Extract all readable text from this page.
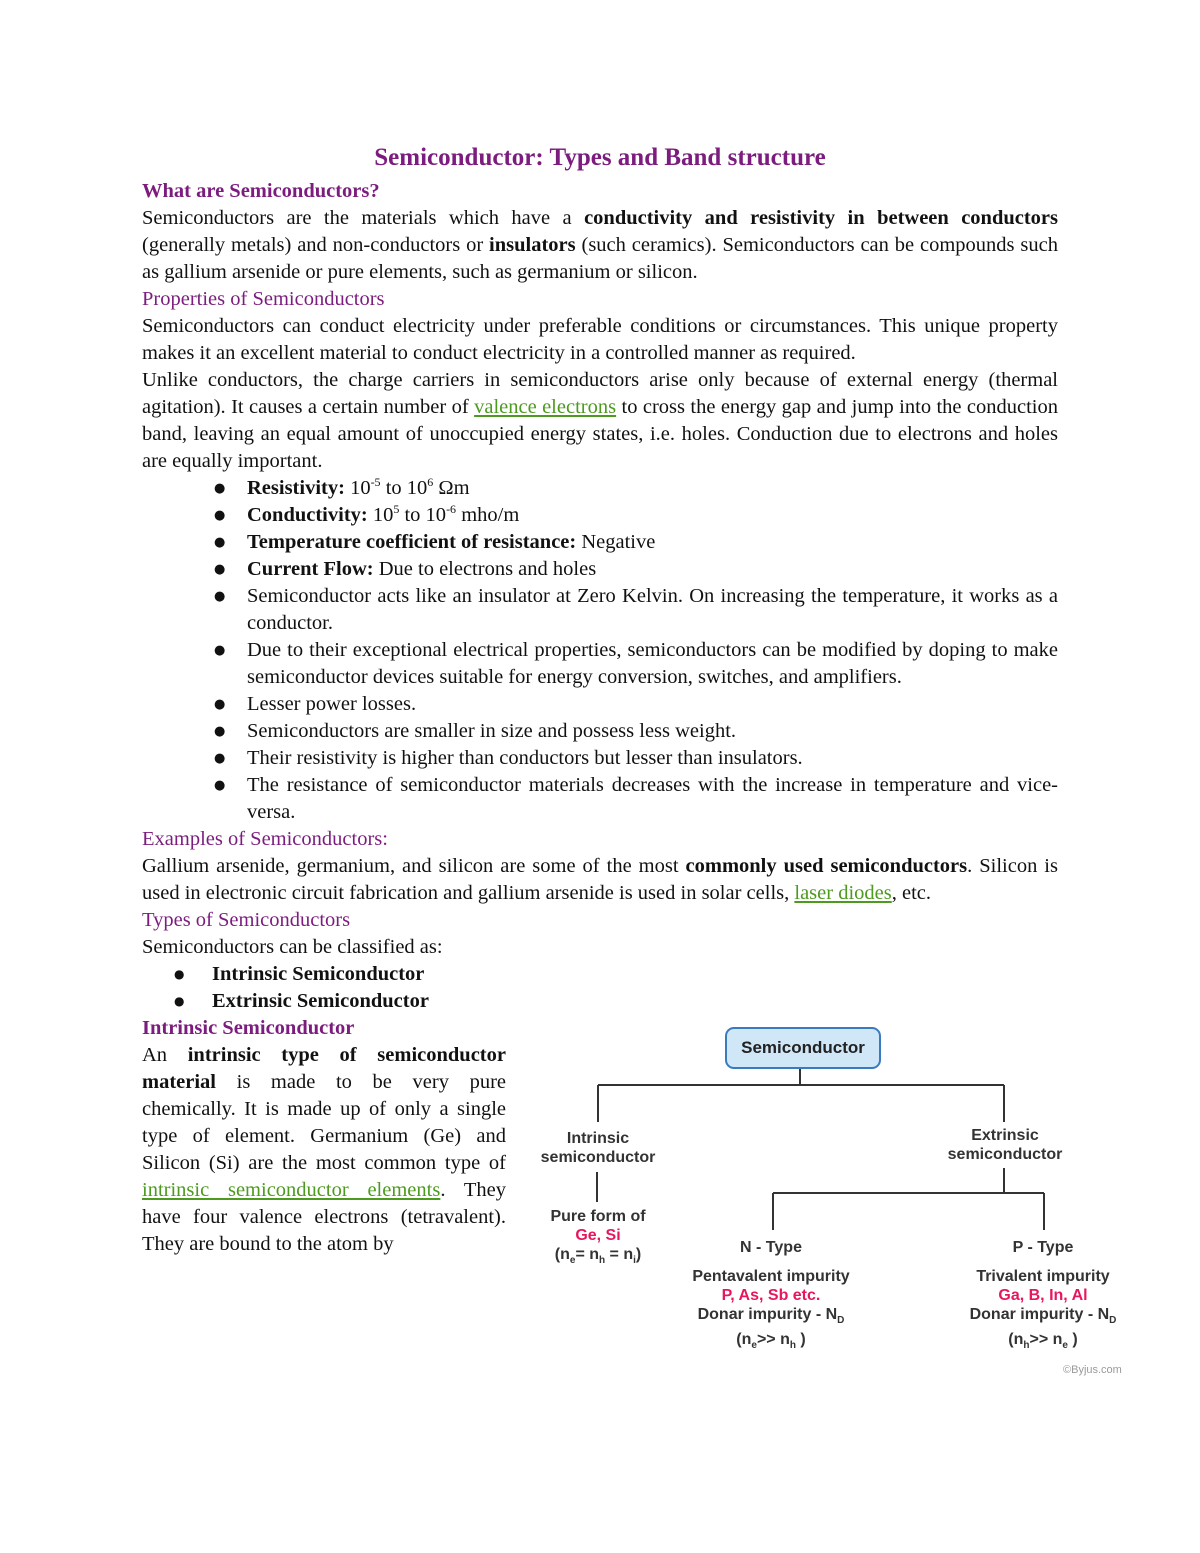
Semiconductor: Types and Band structure
What are Semiconductors?

Semiconductors are the materials which have a conductivity and resistivity in between conductors (generally metals) and non-conductors or insulators (such ceramics). Semiconductors can be compounds such as gallium arsenide or pure elements, such as germanium or silicon.

Properties of Semiconductors

Semiconductors can conduct electricity under preferable conditions or circumstances. This unique property makes it an excellent material to conduct electricity in a controlled manner as required.

Unlike conductors, the charge carriers in semiconductors arise only because of external energy (thermal agitation). It causes a certain number of valence electrons to cross the energy gap and jump into the conduction band, leaving an equal amount of unoccupied energy states, i.e. holes. Conduction due to electrons and holes are equally important.

● Resistivity: $10^{-5}$ to $10^6$ Ωm
● Conductivity: $10^5$ to $10^{-6}$ mho/m
● Temperature coefficient of resistance: Negative
● Current Flow: Due to electrons and holes
● Semiconductor acts like an insulator at Zero Kelvin. On increasing the temperature, it works as a conductor.
● Due to their exceptional electrical properties, semiconductors can be modified by doping to make semiconductor devices suitable for energy conversion, switches, and amplifiers.
● Lesser power losses.
● Semiconductors are smaller in size and possess less weight.
● Their resistivity is higher than conductors but lesser than insulators.
● The resistance of semiconductor materials decreases with the increase in temperature and vice-versa.
Examples of Semiconductors:

Gallium arsenide, germanium, and silicon are some of the most commonly used semiconductors. Silicon is used in electronic circuit fabrication and gallium arsenide is used in solar cells, laser diodes, etc.

Types of Semiconductors
Semiconductors can be classified as:
● Intrinsic Semiconductor
● Extrinsic Semiconductor
Intrinsic Semiconductor

An intrinsic type of semiconductor material is made to be very pure chemically. It is made up of only a single type of element. Germanium (Ge) and Silicon (Si) are the most common type of intrinsic semiconductor elements. They have four valence electrons (tetravalent). They are bound to the atom by

Semiconductor
Intrinsic
semiconductor
Extrinsic
semiconductor
Pure form of
Ge, Si
$(n_e= n_h = n_i)$	N - Type
Pentavalent impurity
P, As, Sb etc.
Donar impurity - $N_D$
($n_e>> n_h$ )
P - Type
Trivalent impurity
Ga, B, In, Al
Donar impurity - $N_D$
($n_h>> n_e$ )
©Byjus.com
